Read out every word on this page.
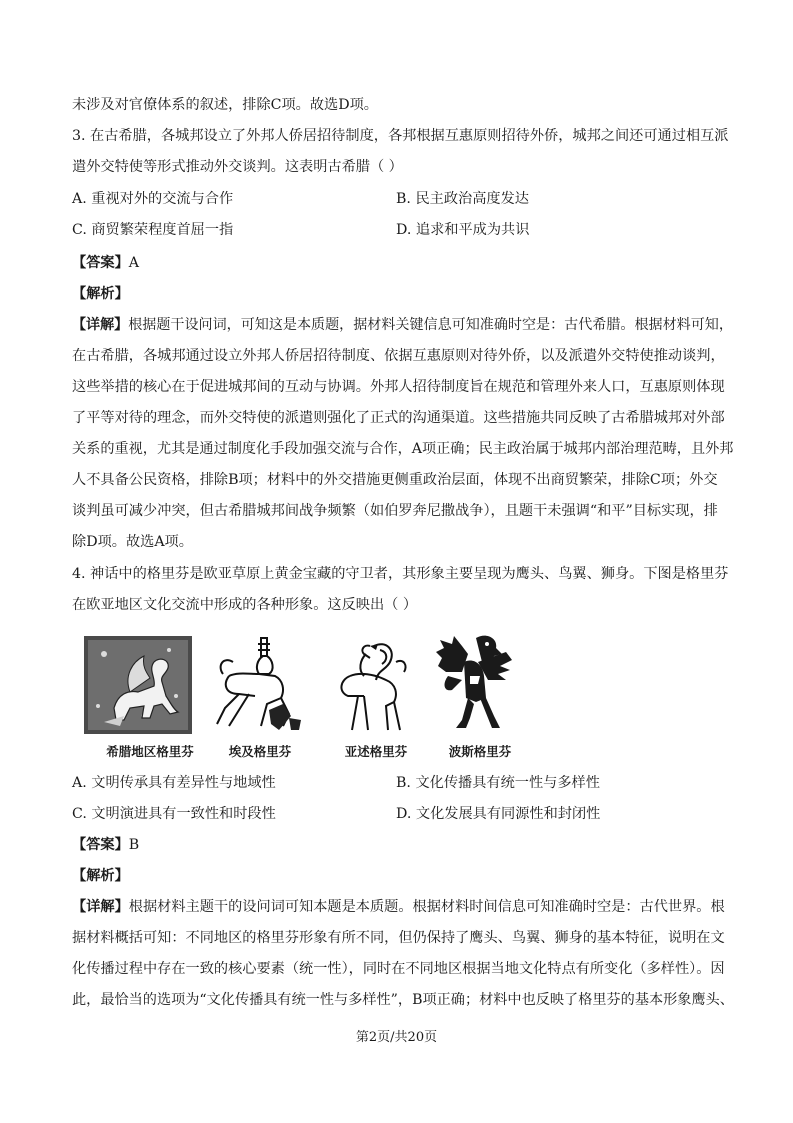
未涉及对官僚体系的叙述，排除C项。故选D项。
3. 在古希腊，各城邦设立了外邦人侨居招待制度，各邦根据互惠原则招待外侨，城邦之间还可通过相互派
遣外交特使等形式推动外交谈判。这表明古希腊（ ）
A. 重视对外的交流与合作	B. 民主政治高度发达
C. 商贸繁荣程度首屈一指	D. 追求和平成为共识
【答案】A
【解析】
【详解】根据题干设问词，可知这是本质题，据材料关键信息可知准确时空是：古代希腊。根据材料可知，
在古希腊，各城邦通过设立外邦人侨居招待制度、依据互惠原则对待外侨，以及派遣外交特使推动谈判，
这些举措的核心在于促进城邦间的互动与协调。外邦人招待制度旨在规范和管理外来人口，互惠原则体现
了平等对待的理念，而外交特使的派遣则强化了正式的沟通渠道。这些措施共同反映了古希腊城邦对外部
关系的重视，尤其是通过制度化手段加强交流与合作，A项正确；民主政治属于城邦内部治理范畴，且外邦
人不具备公民资格，排除B项；材料中的外交措施更侧重政治层面，体现不出商贸繁荣，排除C项；外交
谈判虽可减少冲突，但古希腊城邦间战争频繁（如伯罗奔尼撒战争），且题干未强调“和平”目标实现，排
除D项。故选A项。
4. 神话中的格里芬是欧亚草原上黄金宝藏的守卫者，其形象主要呈现为鹰头、鸟翼、狮身。下图是格里芬
在欧亚地区文化交流中形成的各种形象。这反映出（ ）
希腊地区格里芬	埃及格里芬	亚述格里芬	波斯格里芬
A. 文明传承具有差异性与地域性	B. 文化传播具有统一性与多样性
C. 文明演进具有一致性和时段性	D. 文化发展具有同源性和封闭性
【答案】B
【解析】
【详解】根据材料主题干的设问词可知本题是本质题。根据材料时间信息可知准确时空是：古代世界。根
据材料概括可知：不同地区的格里芬形象有所不同，但仍保持了鹰头、鸟翼、狮身的基本特征，说明在文
化传播过程中存在一致的核心要素（统一性），同时在不同地区根据当地文化特点有所变化（多样性）。因
此，最恰当的选项为“文化传播具有统一性与多样性”，B项正确；材料中也反映了格里芬的基本形象鹰头、
第2页/共20页
